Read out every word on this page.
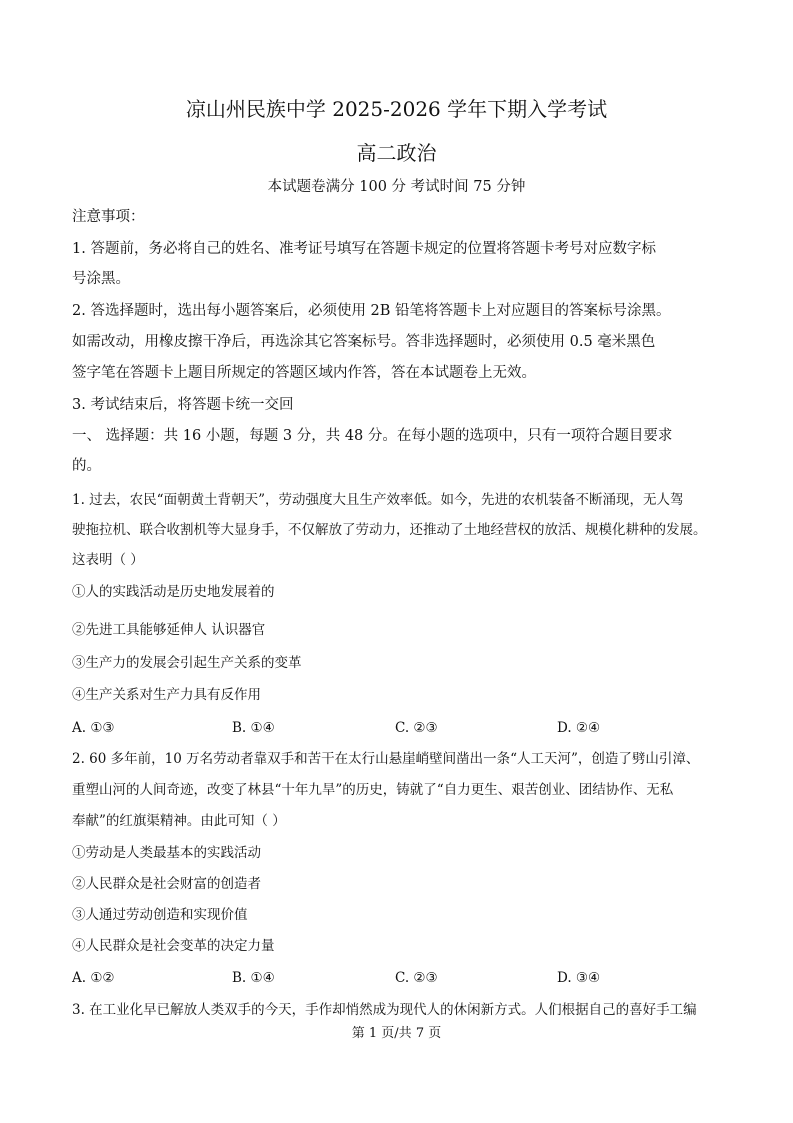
凉山州民族中学 2025-2026 学年下期入学考试
高二政治
本试题卷满分 100 分 考试时间 75 分钟
注意事项：
1. 答题前，务必将自己的姓名、准考证号填写在答题卡规定的位置将答题卡考号对应数字标
号涂黑。
2. 答选择题时，选出每小题答案后，必须使用 2B 铅笔将答题卡上对应题目的答案标号涂黑。
如需改动，用橡皮擦干净后，再选涂其它答案标号。答非选择题时，必须使用 0.5 毫米黑色
签字笔在答题卡上题目所规定的答题区域内作答，答在本试题卷上无效。
3. 考试结束后，将答题卡统一交回
一、 选择题：共 16 小题，每题 3 分，共 48 分。在每小题的选项中，只有一项符合题目要求
的。
1. 过去，农民“面朝黄土背朝天”，劳动强度大且生产效率低。如今，先进的农机装备不断涌现，无人驾
驶拖拉机、联合收割机等大显身手，不仅解放了劳动力，还推动了土地经营权的放活、规模化耕种的发展。
这表明（ ）
①人的实践活动是历史地发展着的
②先进工具能够延伸人 认识器官
③生产力的发展会引起生产关系的变革
④生产关系对生产力具有反作用
A. ①③	B. ①④	C. ②③	D. ②④
2. 60 多年前，10 万名劳动者靠双手和苦干在太行山悬崖峭壁间凿出一条“人工天河”，创造了劈山引漳、
重塑山河的人间奇迹，改变了林县“十年九旱”的历史，铸就了“自力更生、艰苦创业、团结协作、无私
奉献”的红旗渠精神。由此可知（ ）
①劳动是人类最基本的实践活动
②人民群众是社会财富的创造者
③人通过劳动创造和实现价值
④人民群众是社会变革的决定力量
A. ①②	B. ①④	C. ②③	D. ③④
3. 在工业化早已解放人类双手的今天，手作却悄然成为现代人的休闲新方式。人们根据自己的喜好手工编
第 1 页/共 7 页
